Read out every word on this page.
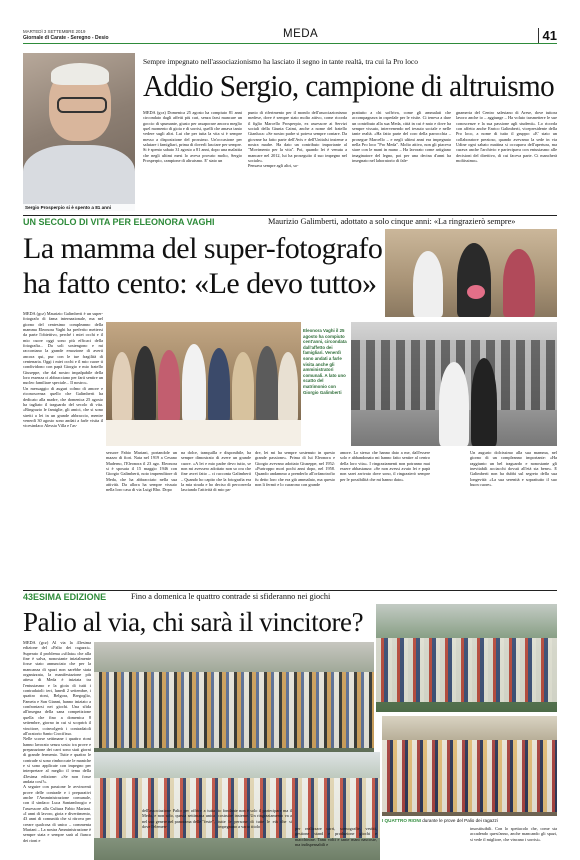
MARTEDÌ 3 SETTEMBRE 2019
Giornale di Carate - Seregno - Desio	MEDA	41
Sergio Prosperpio si è spento a 81 anni
Sempre impegnato nell'associazionismo ha lasciato il segno in tante realtà, tra cui la Pro loco
Addio Sergio, campione di altruismo
MEDA (gcz) Domenica 25 agosto ha compiuto 81 anni circondato dagli affetti più cari, senza farsi mancare un goccio di spumante, giusto per assaporare ancora meglio quel momento di gioia e di sorrisi, quelli che amava tanto vedere sugli altri. Lui che per tutta la vita si è sempre messo a disposizione del prossimo. Un'occasione per salutare i famigliari, prima di doverli lasciare per sempre. Si è spento sabato 31 agosto a 81 anni, dopo una malattia che negli ultimi mesi lo aveva provato molto, Sergio Prosperpio, campione di altruismo. E' stato un
punto di riferimento per il mondo dell'associazionismo medese, dove è sempre stato molto attivo, come ricorda il figlio Marcello Prosperpio, ex assessore ai Servizi sociali della Giunta Caimi, anche a nome del fratello Gianluca: «Se nostro padre si poteva sempre contare. Da giovane ha fatto parte dell'Avis e dell'Unitalsi insieme a nostra madre. Ha dato un contributo importante al "Movimento per la vita". Poi, quando lei è venuta a mancare nel 2012, lui ha proseguito il suo impegno nel sociale».
Pensava sempre agli altri, so-
prattutto a chi soffriva, come gli ammalati che accompagnava in ospedale per le visite. Ci teneva a dare un contributo alla sua Meda, città in cui è nato e dove ha sempre vissuto, intervenendo nel tessuto sociale e nelle tante realtà. «Ha fatto parte del coro della parrocchia – prosegue Marcello – e negli ultimi anni era impegnato nella Pro loco "Pro Meda". Molto attivo, non gli piaceva stare con le mani in mano – Ha lavorato come artigiano imaginatore del legno, poi per una decina d'anni ha insegnato nel laboratorio di fale-
gnameria del Centro salesiano di Arese, dove tuttora lavoro anche io – aggiunge – Ha voluto trasmettere le sue conoscenze e la sua passione agli studenti». Lo ricorda con affetto anche Enrico Galimberti, vicepresidente della Pro loco, a nome di tutto il gruppo: «E' stato un collaboratore prezioso, quando avevamo la sede in via Udine ogni sabato mattina si occupava dell'apertura, ma curava anche l'archivio e partecipava con entusiasmo alle decisioni del direttivo, di cui faceva parte. Ci mancherà moltissimo».
UN SECOLO DI VITA PER ELEONORA VAGHI	Maurizio Galimberti, adottato a solo cinque anni: «La ringrazierò sempre»
La mamma del super-fotografo
ha fatto cento: «Le devo tutto»
MEDA (gcz) Maurizio Galimberti è un super-fotografo di fama internazionale, ma nel giorno del centesimo compleanno della mamma Eleonora Vaghi ha preferito mettersi da parte l'obiettivo, perché i miei occhi e il mio cuore oggi sono più efficaci della fotografia... Da soli sostengono e mi raccontano la grande emozione di averti ancora qui, pur con le tue fragilità di centenaria. Oggi i miei occhi e il mio cuore ti condividono con papà Giorgio e mio fratello Giuseppe, che dal nostro impalpabile della loro essenza ci abbracciano per farti sentire un nucleo familiare speciale... Il nostro».
Un messaggio di auguri colmo di amore e riconoscenza quello che Galimberti ha dedicato alla madre, che domenica 25 agosto ha tagliato il traguardo del secolo di vita. «Ringrazio le famiglie, gli amici, che si sono stretti a lei in un grande abbraccio, mentre venerdì 30 agosto sono andati a farle visita il vicesindaco Alessia Villa e l'as-
Eleonora Vaghi il 25 agosto ha compiuto cent'anni, circondata dall'affetto dei famigliari. Venerdì sono andati a farle visita anche gli amministratori comunali. A lato uno scatto del matrimonio con Giorgio Galimberti
sessore Fabio Mariani, portandole un mazzo di fiori. Nata nel 1919 a Cesano Maderno, l'Eleonora il 23 ago. Eleonora si è sposata il 15 maggio 1946 con Giorgio Galimberti, noto imprenditore di Meda, che ha abbracciato nella sua attività. Da allora ha sempre vissuto nella loro casa di via Luigi Rho. Dopo
na dolce, tranquilla e disponibile, ha sempre dimostrato di avere un grande cuore. «A lei e mio padre devo tutto, se non mi avessero adottato non so ora che fine avrei fatto – ci racconta Galimberti – Quando ho capito che la fotografia era la mia strada e ho deciso di percorrerla lasciando l'attività di mio pa-
dre, lei mi ha sempre sostenuto in questo grande passione». Prima di lui Eleonora e Giorgio avevano adottato Giuseppe, nel 1952: «Purtroppo morì pochi anni dopo, nel 1958. Quando andammo a prenderlo all'orfanotrofio fu detto loro che era già ammalato, ma questo non li fermò e lo curarono con grande
amore. Lo stesso che hanno dato a me, dall'essere solo e abbandonato mi hanno fatto sentire al centro della loro vita». I ringraziamenti non potranno mai essere abbastanza: «Se non avessi avuto lei e papà non sarei arrivato dove sono, il ringrazierò sempre per le possibilità che mi hanno dato».
Un augurio dolcissimo alla sua mamma, nel giorno di un compleanno importante: «Ha raggiunto un bel traguardo e nonostante gli inevitabili acciacchi dovuti all'età sta bene». E Galimberti non ha dubbi sul segreto della sua longevità: «La sua serenità e soprattutto il suo buon cuore».
43ESIMA EDIZIONE	Fino a domenica le quattro contrade si sfideranno nei giochi
Palio al via, chi sarà il vincitore?
I QUATTRO RIONI durante le prove del Palio dei ragazzi
MEDA (gcz) Al via la 43esima edizione del «Palio dei ragazzi». Superato il problema «sfilata» che alla fine è salva, nonostante inizialmente fosse stato annunciato che per la mancanza di spazi non sarebbe stata organizzata, la manifestazione più attesa di Meda è iniziata tra l'entusiasmo e la gioia di tutti i contradaioli: ieri, lunedì 2 settembre, i quattro rioni, Belgora, Bregoglio, Fameta e San Gianni, hanno iniziato a confrontarsi nei giochi. Una sfida all'insegna della sana competizione quella che fino a domenica 8 settembre, giorno in cui si scoprirà il vincitore, coinvolgerà i contradaioli all'oratorio Santo Crocifisso.
Nelle scorse settimane i quattro rioni hanno lavorato senza sosta: tra prove e preparazione dei carri sono stati giorni di grande fermento. Tutte e quattro le contrade si sono rimboccate le maniche e si sono applicate con impegno per interpretare al meglio il tema della 43esima edizione: «Se non fosse andata così?».
A seguire con passione le avvincenti prove delle contrade e i preparativi anche l'Amministrazione comunale, con il sindaco Luca Santambrogio e l'assessore alla Cultura Fabio Mariani. «I anni di lavoro, gioia e divertimento, 43 anni di comunità che si ritrova per creare qualcosa di unico – commenta Mariani – La nostra Amministrazione è sempre stata e sempre sarà al fianco dei rioni e
dell'associazione Palio per offrire a tutta Meda, e non solo, questa settimana unica nel suo genere nel panorama delle "feste", dove l'elemen-
to fondante non è solo il partecipare ma il costruire insieme. Un ringraziamento va a tutte le persone di tutte le età che si impegnano a vario titolo	per realizzare carri, scenografie, vestiti, gestione stand e produzione giochi e macchinine. Tanti volti e tante mani nascoste, ma indispensabili e
insostituibili. Con lo spettacolo che, come sta accadendo quest'anno, anche mancando gli spazi, si vede il migliore, che vincano i sorrisi».
